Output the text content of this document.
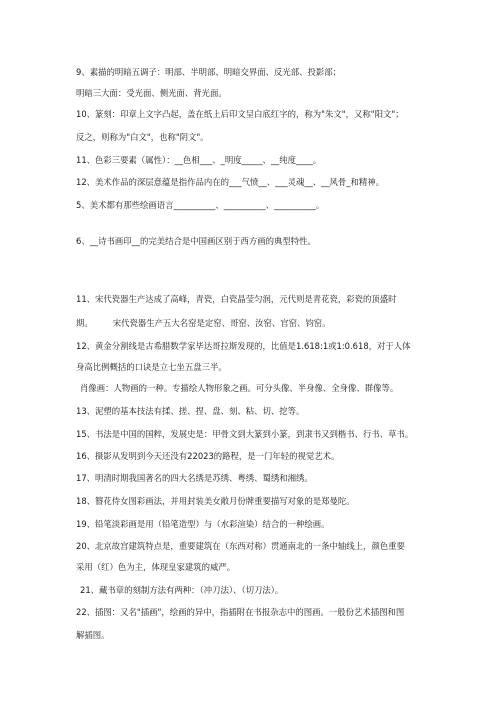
9、素描的明暗五调子：明部、半明部、明暗交界面、反光部、投影部；
明暗三大面：受光面、侧光面、背光面。
10、篆刻：印章上文字凸起，盖在纸上后印文呈白底红字的，称为"朱文"，又称"阳文"；
反之，则称为"白文"，也称"阴文"。
11、色彩三要素（属性）：__色相___、_明度_____、__纯度____。
12、美术作品的深层意蕴是指作品内在的___气愤__、___灵魂__、__风骨_和精神。
5、美术都有那些绘画语言__________、__________、__________。
6、__诗书画印__的完美结合是中国画区别于西方画的典型特性。
11、宋代瓷器生产达成了高峰，青瓷，白瓷晶莹匀润，元代则是青花瓷，彩瓷的顶盛时
期。 宋代瓷器生产五大名窑是定窑、哥窑、汝窑、官窑、钧窑。
12、黄金分割线是古希腊数学家毕达哥拉斯发现的，比值是1.618:1或1:0.618，对于人体
身高比例概括的口诀是立七坐五盘三半。
肖像画：人物画的一种。专描绘人物形象之画。可分头像、半身像、全身像、群像等。
13、泥塑的基本技法有揉、搓、捏、盘、刻、粘、切、挖等。
15、书法是中国的国粹，发展史是：甲骨文到大篆到小篆，到隶书又到楷书、行书、草书。
16、摄影从发明到今天还没有22023的路程，是一门年轻的视觉艺术。
17、明清时期我国著名的四大名绣是苏绣、粤绣、蜀绣和湘绣。
18、簪花侍女图彩画法，并用封装美女敞月份牌重要描写对象的是郑曼陀。
19、铅笔淡彩画是用（铅笔造型）与（水彩渲染）结合的一种绘画。
20、北京故宫建筑特点是，重要建筑在（东西对称）贯通南北的一条中轴线上，颜色重要
采用（红）色为主，体现皇家建筑的威严。
21、藏书章的刻制方法有两种：（冲刀法）、（切刀法）。
22、插图：又名"插画"，绘画的异中，指插附在书报杂志中的图画。一般份艺术插图和图
解插图。
